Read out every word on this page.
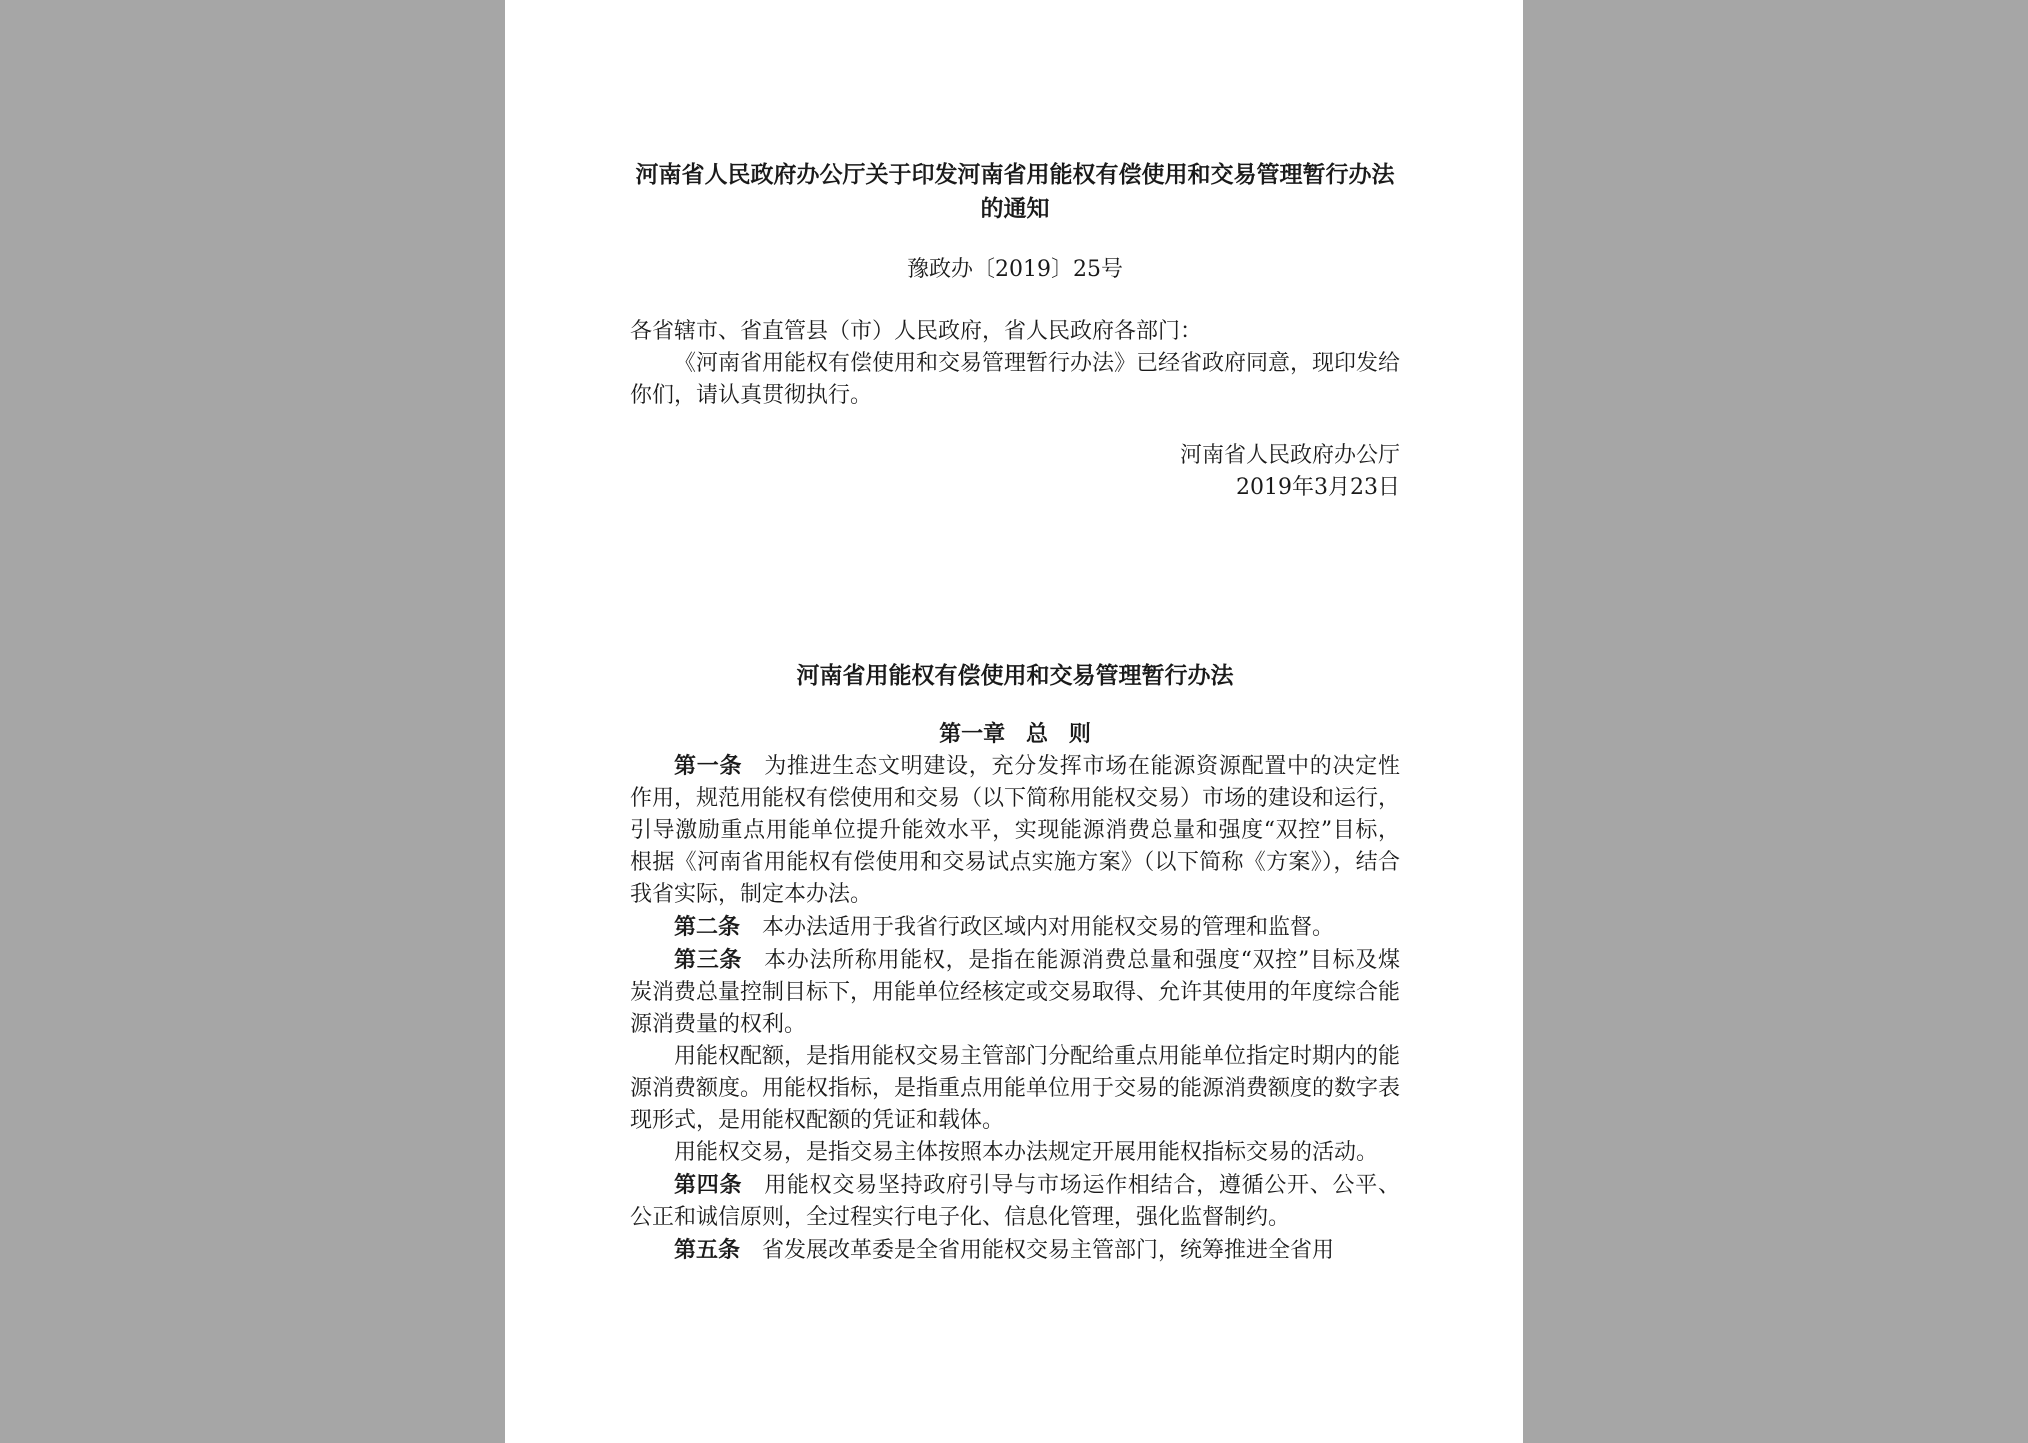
河南省人民政府办公厅关于印发河南省用能权有偿使用和交易管理暂行办法的通知
豫政办〔2019〕25号

各省辖市、省直管县（市）人民政府，省人民政府各部门：

《河南省用能权有偿使用和交易管理暂行办法》已经省政府同意，现印发给你们，请认真贯彻执行。

河南省人民政府办公厅
2019年3月23日
河南省用能权有偿使用和交易管理暂行办法
第一章 总 则

第一条 为推进生态文明建设，充分发挥市场在能源资源配置中的决定性作用，规范用能权有偿使用和交易（以下简称用能权交易）市场的建设和运行，引导激励重点用能单位提升能效水平，实现能源消费总量和强度“双控”目标，根据《河南省用能权有偿使用和交易试点实施方案》（以下简称《方案》），结合我省实际，制定本办法。

第二条 本办法适用于我省行政区域内对用能权交易的管理和监督。

第三条 本办法所称用能权，是指在能源消费总量和强度“双控”目标及煤炭消费总量控制目标下，用能单位经核定或交易取得、允许其使用的年度综合能源消费量的权利。

用能权配额，是指用能权交易主管部门分配给重点用能单位指定时期内的能源消费额度。用能权指标，是指重点用能单位用于交易的能源消费额度的数字表现形式，是用能权配额的凭证和载体。

用能权交易，是指交易主体按照本办法规定开展用能权指标交易的活动。

第四条 用能权交易坚持政府引导与市场运作相结合，遵循公开、公平、公正和诚信原则，全过程实行电子化、信息化管理，强化监督制约。

第五条 省发展改革委是全省用能权交易主管部门，统筹推进全省用
